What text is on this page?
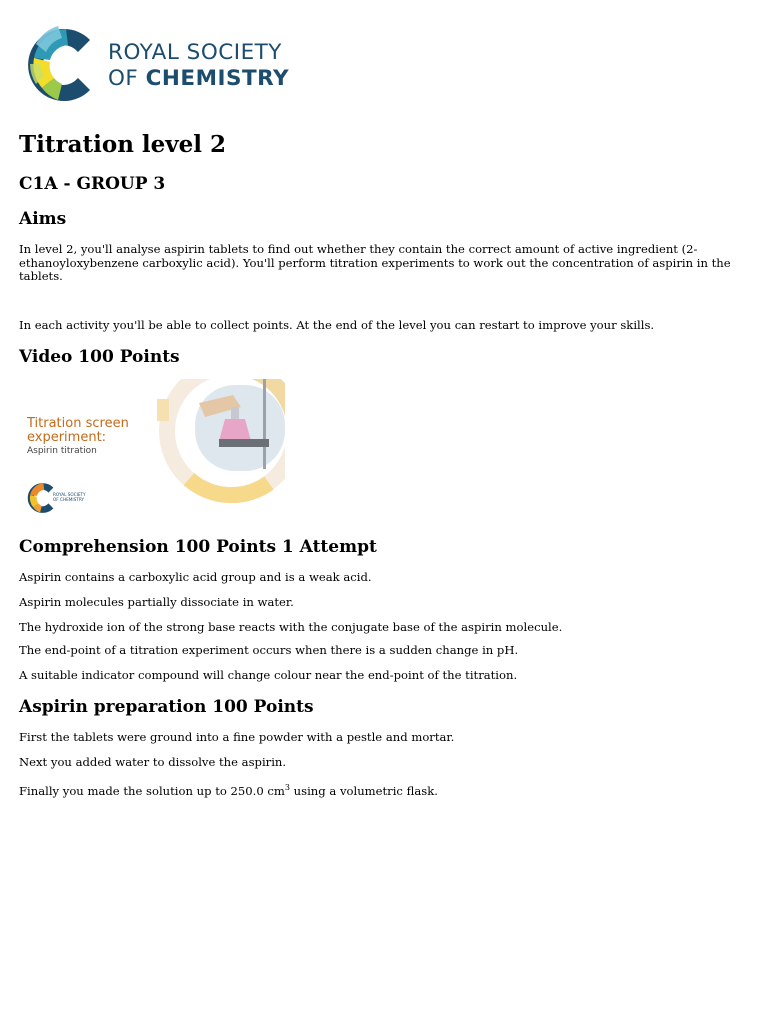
ROYAL SOCIETY
OF CHEMISTRY
Titration level 2
C1A - GROUP 3
Aims

In level 2, you'll analyse aspirin tablets to find out whether they contain the correct amount of active ingredient (2-ethanoyloxybenzene carboxylic acid). You'll perform titration experiments to work out the concentration of aspirin in the tablets.

In each activity you'll be able to collect points. At the end of the level you can restart to improve your skills.

Video 100 Points
Titration screen
experiment:
Aspirin titration
ROYAL SOCIETY
OF CHEMISTRY
Comprehension 100 Points 1 Attempt

Aspirin contains a carboxylic acid group and is a weak acid.

Aspirin molecules partially dissociate in water.

The hydroxide ion of the strong base reacts with the conjugate base of the aspirin molecule.

The end-point of a titration experiment occurs when there is a sudden change in pH.

A suitable indicator compound will change colour near the end-point of the titration.

Aspirin preparation 100 Points

First the tablets were ground into a fine powder with a pestle and mortar.

Next you added water to dissolve the aspirin.

Finally you made the solution up to 250.0 $cm^3$ using a volumetric flask.
